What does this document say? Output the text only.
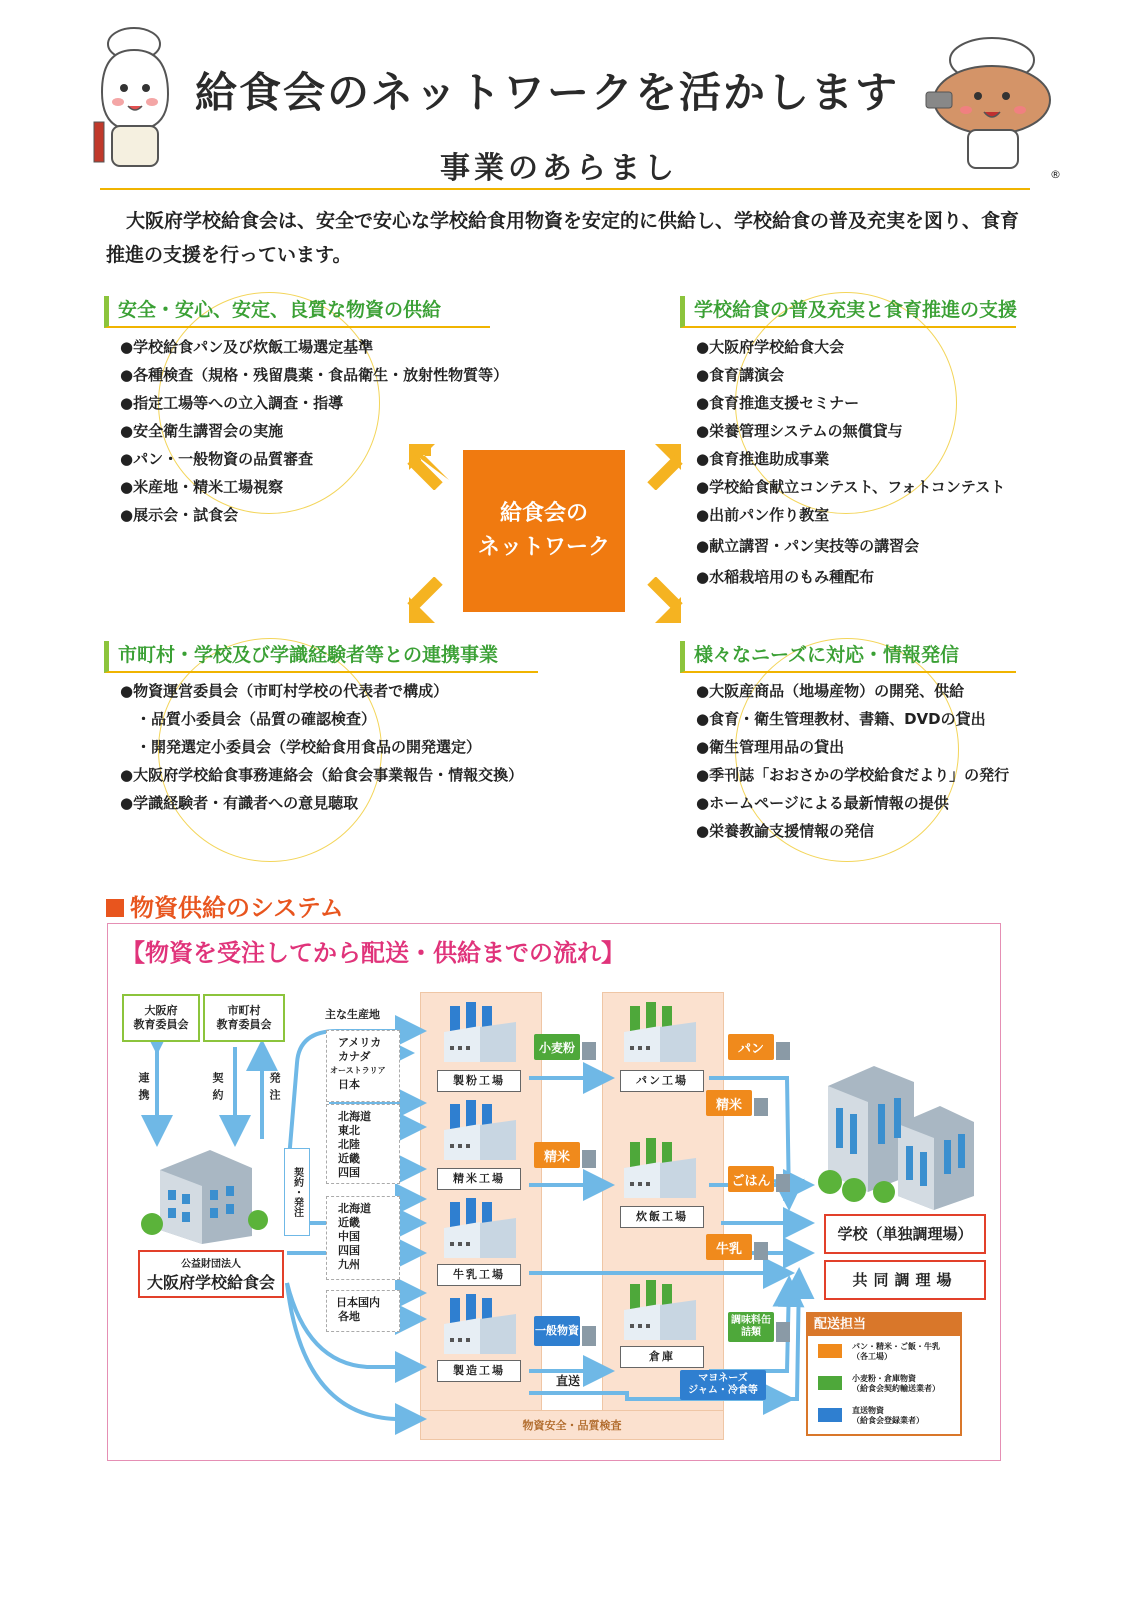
給食会のネットワークを活かします
事業のあらまし	®
大阪府学校給食会は、安全で安心な学校給食用物資を安定的に供給し、学校給食の普及充実を図り、食育推進の支援を行っています。
安全・安心、安定、良質な物資の供給
●学校給食パン及び炊飯工場選定基準
●各種検査（規格・残留農薬・食品衛生・放射性物質等）
●指定工場等への立入調査・指導
●安全衛生講習会の実施
●パン・一般物資の品質審査
●米産地・精米工場視察
●展示会・試食会
学校給食の普及充実と食育推進の支援
●大阪府学校給食大会
●食育講演会
●食育推進支援セミナー
●栄養管理システムの無償貸与
●食育推進助成事業
●学校給食献立コンテスト、フォトコンテスト
●出前パン作り教室
●献立講習・パン実技等の講習会
●水稲栽培用のもみ種配布
市町村・学校及び学識経験者等との連携事業
●物資運営委員会（市町村学校の代表者で構成）
・品質小委員会（品質の確認検査）
・開発選定小委員会（学校給食用食品の開発選定）
●大阪府学校給食事務連絡会（給食会事業報告・情報交換）
●学識経験者・有識者への意見聴取
様々なニーズに対応・情報発信
●大阪産商品（地場産物）の開発、供給
●食育・衛生管理教材、書籍、DVDの貸出
●衛生管理用品の貸出
●季刊誌「おおさかの学校給食だより」の発行
●ホームページによる最新情報の提供
●栄養教諭支援情報の発信
給食会の
ネットワーク
物資供給のシステム
【物資を受注してから配送・供給までの流れ】
物資安全・品質検査
大阪府
教育委員会
市町村
教育委員会
連携	契約	発注
公益財団法人
大阪府学校給食会
契約・発注
主な生産地
アメリカ
カナダ
オーストラリア
日本
北海道
東北
北陸
近畿
四国
北海道
近畿
中国
四国
九州
日本国内
各地
製粉工場
精米工場
牛乳工場
製造工場
パン工場
炊飯工場
倉庫
小麦粉
精米
一般物資
パン
精米
ごはん
牛乳
調味料缶詰類
マヨネーズ
ジャム・冷食等
直送
学校（単独調理場）
共同調理場
配送担当
パン・精米・ご飯・牛乳
（各工場）
小麦粉・倉庫物資
（給食会契約輸送業者）
直送物資
（給食会登録業者）
